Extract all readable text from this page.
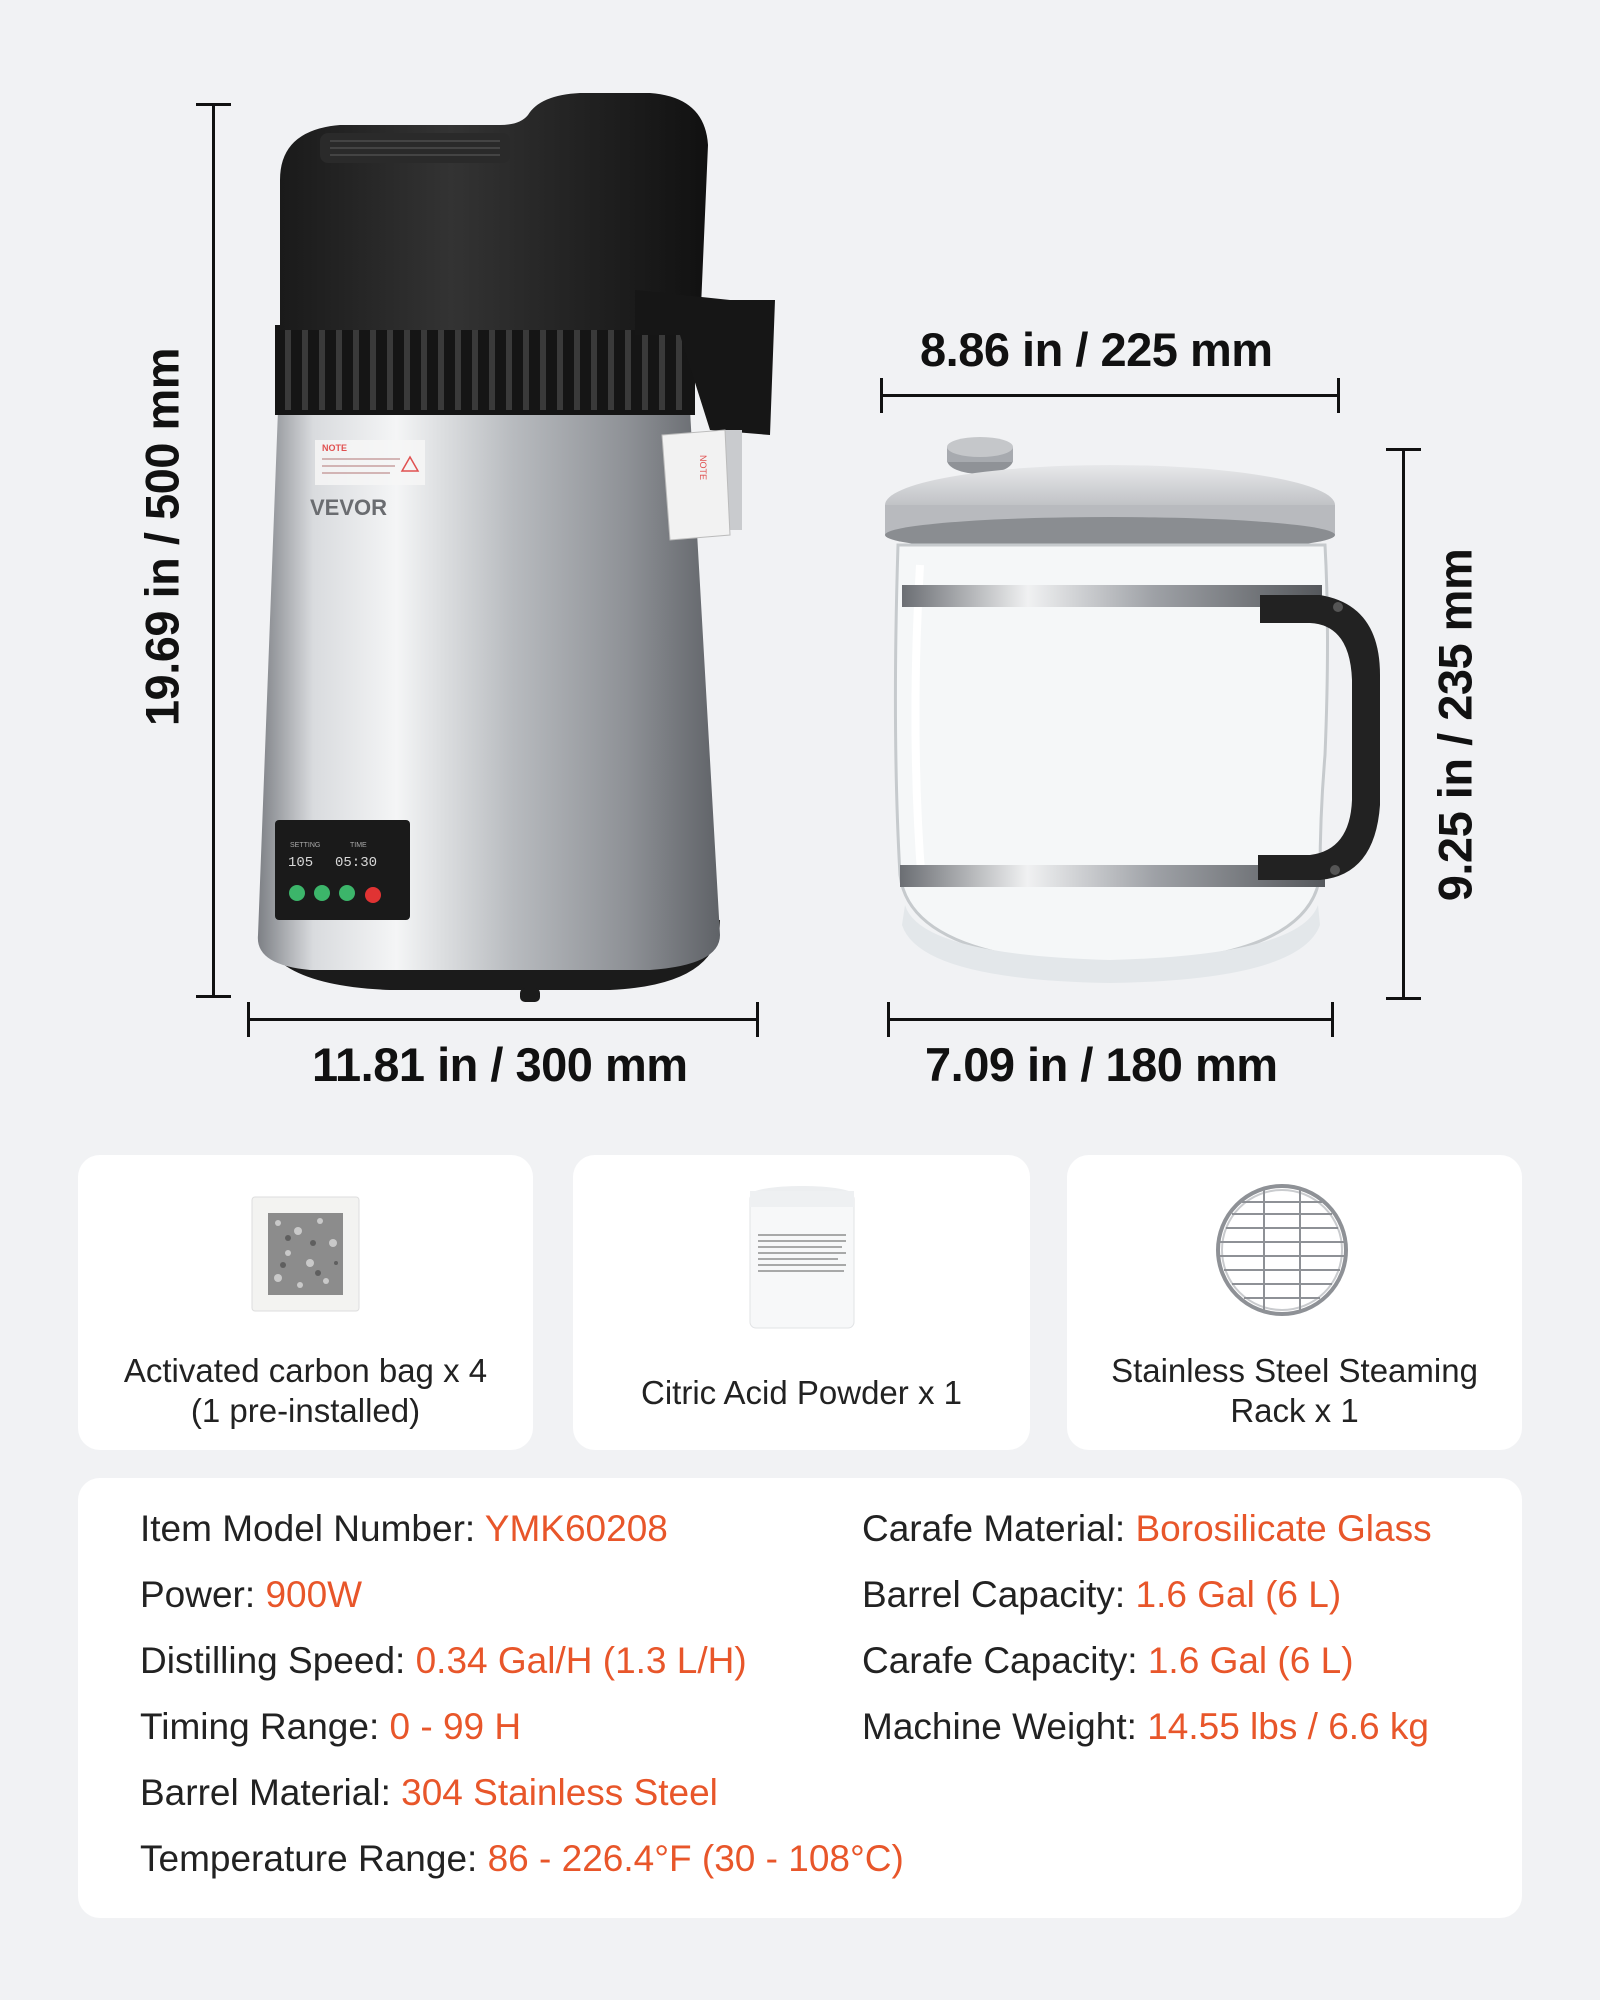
NOTE
NOTE
VEVOR
SETTING	TIME
105 05:30
19.69 in / 500 mm
11.81 in / 300 mm
8.86 in / 225 mm
9.25 in / 235 mm
7.09 in / 180 mm
Activated carbon bag x 4
(1 pre-installed)	Citric Acid Powder x 1
Stainless Steel Steaming
Rack x 1
Item Model Number: YMK60208
Power: 900W
Distilling Speed: 0.34 Gal/H (1.3 L/H)
Timing Range: 0 - 99 H
Barrel Material: 304 Stainless Steel
Temperature Range: 86 - 226.4°F (30 - 108°C)
Carafe Material: Borosilicate Glass
Barrel Capacity: 1.6 Gal (6 L)
Carafe Capacity: 1.6 Gal (6 L)
Machine Weight: 14.55 lbs / 6.6 kg
